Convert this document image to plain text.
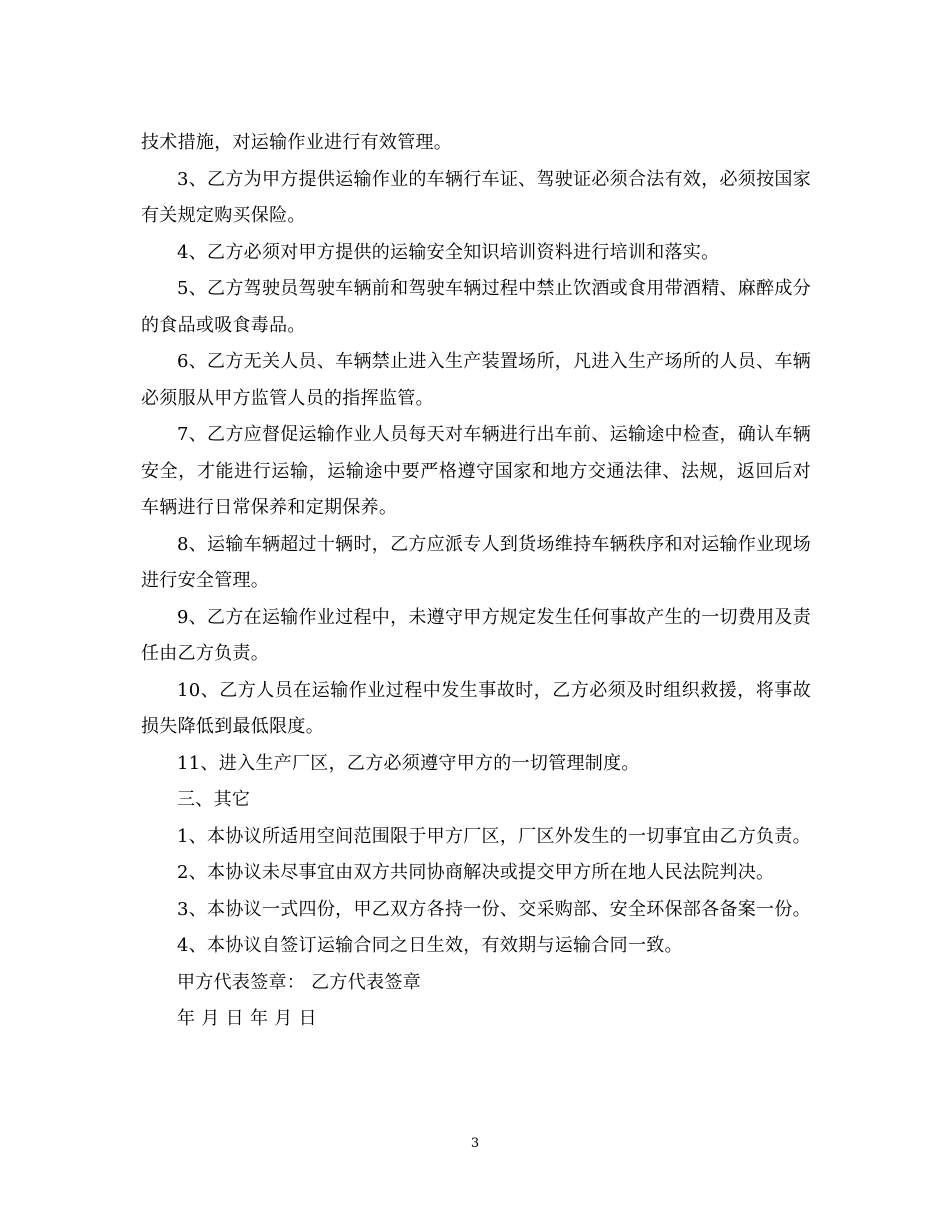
技术措施，对运输作业进行有效管理。

3、乙方为甲方提供运输作业的车辆行车证、驾驶证必须合法有效，必须按国家有关规定购买保险。

4、乙方必须对甲方提供的运输安全知识培训资料进行培训和落实。

5、乙方驾驶员驾驶车辆前和驾驶车辆过程中禁止饮酒或食用带酒精、麻醉成分的食品或吸食毒品。

6、乙方无关人员、车辆禁止进入生产装置场所，凡进入生产场所的人员、车辆必须服从甲方监管人员的指挥监管。

7、乙方应督促运输作业人员每天对车辆进行出车前、运输途中检查，确认车辆安全，才能进行运输，运输途中要严格遵守国家和地方交通法律、法规，返回后对车辆进行日常保养和定期保养。

8、运输车辆超过十辆时，乙方应派专人到货场维持车辆秩序和对运输作业现场进行安全管理。

9、乙方在运输作业过程中，未遵守甲方规定发生任何事故产生的一切费用及责任由乙方负责。

10、乙方人员在运输作业过程中发生事故时，乙方必须及时组织救援，将事故损失降低到最低限度。

11、进入生产厂区，乙方必须遵守甲方的一切管理制度。

三、其它

1、本协议所适用空间范围限于甲方厂区，厂区外发生的一切事宜由乙方负责。

2、本协议未尽事宜由双方共同协商解决或提交甲方所在地人民法院判决。

3、本协议一式四份，甲乙双方各持一份、交采购部、安全环保部各备案一份。

4、本协议自签订运输合同之日生效，有效期与运输合同一致。

甲方代表签章： 乙方代表签章

年 月 日 年 月 日

3
